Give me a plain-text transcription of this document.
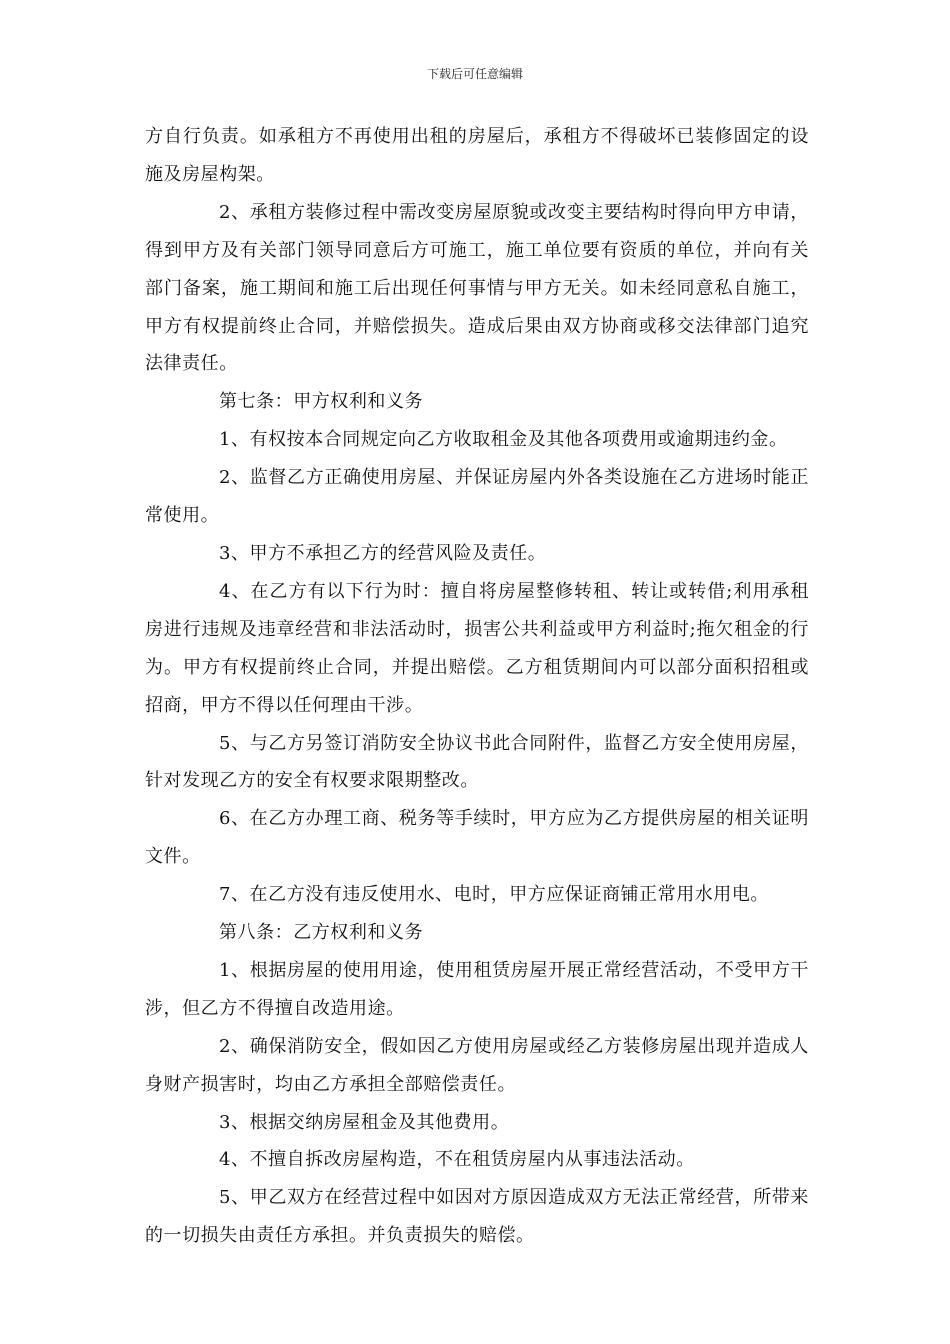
下载后可任意编辑

方自行负责。如承租方不再使用出租的房屋后，承租方不得破坏已装修固定的设施及房屋构架。

2、承租方装修过程中需改变房屋原貌或改变主要结构时得向甲方申请，得到甲方及有关部门领导同意后方可施工，施工单位要有资质的单位，并向有关部门备案，施工期间和施工后出现任何事情与甲方无关。如未经同意私自施工，甲方有权提前终止合同，并赔偿损失。造成后果由双方协商或移交法律部门追究法律责任。

第七条：甲方权利和义务

1、有权按本合同规定向乙方收取租金及其他各项费用或逾期违约金。

2、监督乙方正确使用房屋、并保证房屋内外各类设施在乙方进场时能正常使用。

3、甲方不承担乙方的经营风险及责任。

4、在乙方有以下行为时：擅自将房屋整修转租、转让或转借;利用承租房进行违规及违章经营和非法活动时，损害公共利益或甲方利益时;拖欠租金的行为。甲方有权提前终止合同，并提出赔偿。乙方租赁期间内可以部分面积招租或招商，甲方不得以任何理由干涉。

5、与乙方另签订消防安全协议书此合同附件，监督乙方安全使用房屋，针对发现乙方的安全有权要求限期整改。

6、在乙方办理工商、税务等手续时，甲方应为乙方提供房屋的相关证明文件。

7、在乙方没有违反使用水、电时，甲方应保证商铺正常用水用电。

第八条：乙方权利和义务

1、根据房屋的使用用途，使用租赁房屋开展正常经营活动，不受甲方干涉，但乙方不得擅自改造用途。

2、确保消防安全，假如因乙方使用房屋或经乙方装修房屋出现并造成人身财产损害时，均由乙方承担全部赔偿责任。

3、根据交纳房屋租金及其他费用。

4、不擅自拆改房屋构造，不在租赁房屋内从事违法活动。

5、甲乙双方在经营过程中如因对方原因造成双方无法正常经营，所带来的一切损失由责任方承担。并负责损失的赔偿。
